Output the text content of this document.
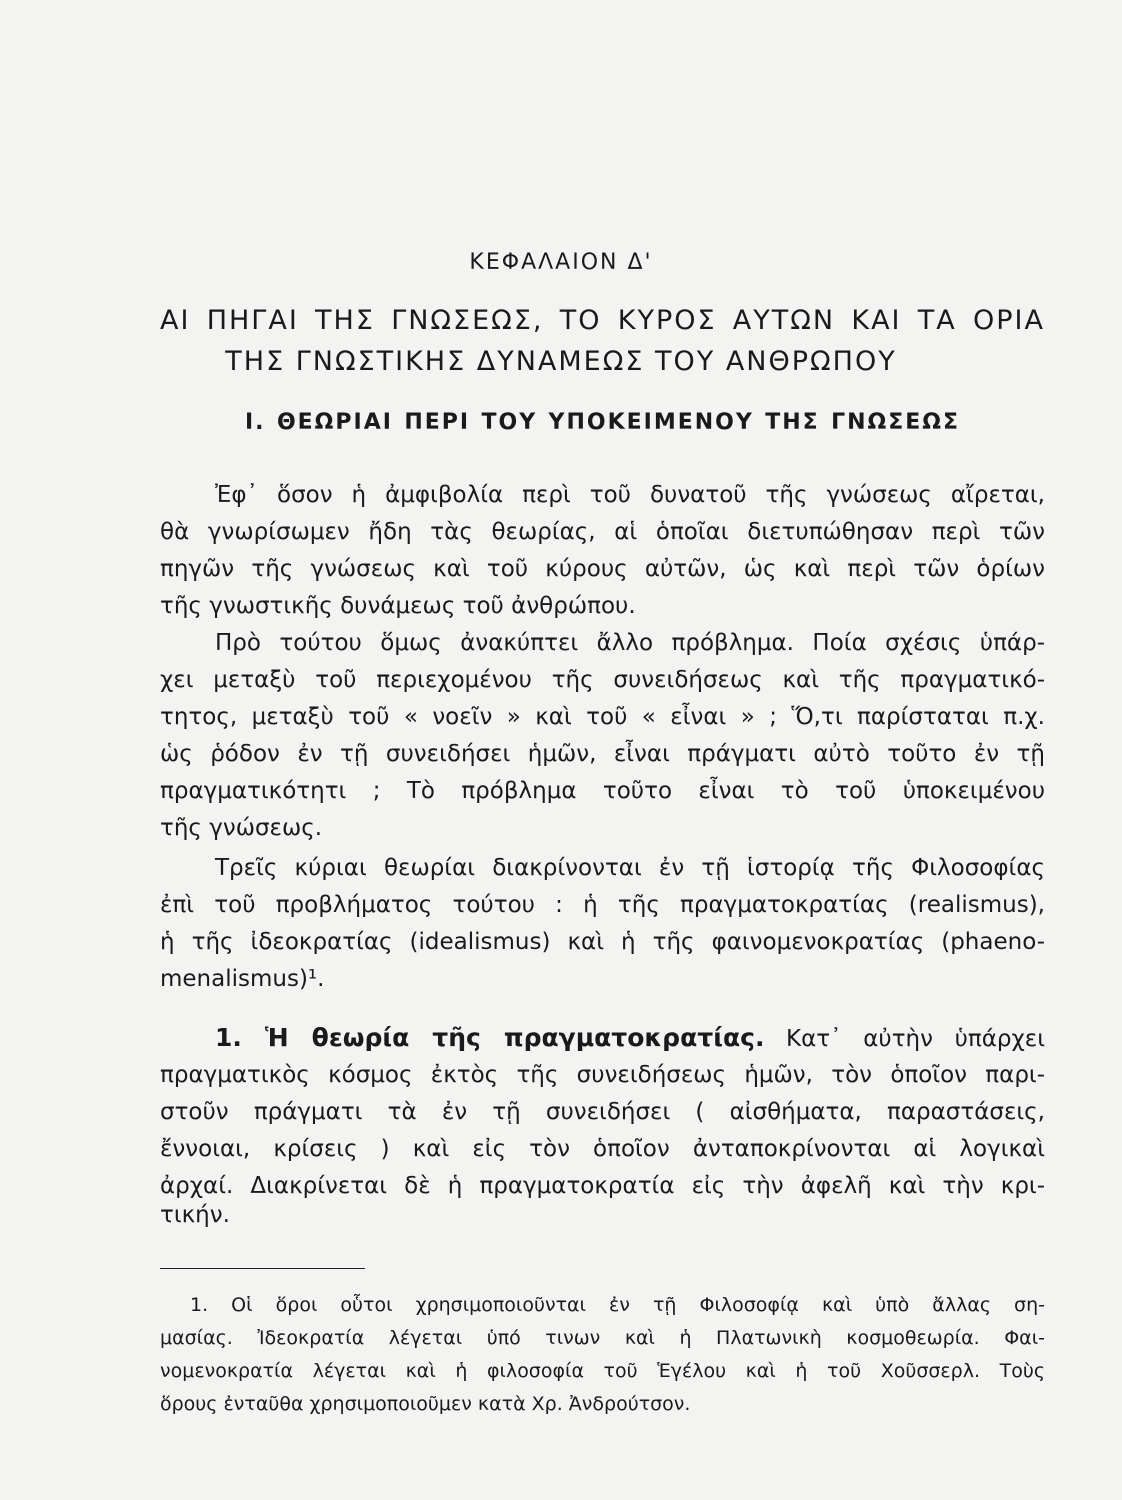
ΚΕΦΑΛΑΙΟΝ Δ'
ΑΙ ΠΗΓΑΙ ΤΗΣ ΓΝΩΣΕΩΣ, ΤΟ ΚΥΡΟΣ ΑΥΤΩΝ ΚΑΙ ΤΑ ΟΡΙΑ
ΤΗΣ ΓΝΩΣΤΙΚΗΣ ΔΥΝΑΜΕΩΣ ΤΟΥ ΑΝΘΡΩΠΟΥ
Ι. ΘΕΩΡΙΑΙ ΠΕΡΙ ΤΟΥ ΥΠΟΚΕΙΜΕΝΟΥ ΤΗΣ ΓΝΩΣΕΩΣ
Ἐφ᾽ ὅσον ἡ ἀμφιβολία περὶ τοῦ δυνατοῦ τῆς γνώσεως αἴρεται,
θὰ γνωρίσωμεν ἤδη τὰς θεωρίας, αἱ ὁποῖαι διετυπώθησαν περὶ τῶν
πηγῶν τῆς γνώσεως καὶ τοῦ κύρους αὐτῶν, ὡς καὶ περὶ τῶν ὁρίων
τῆς γνωστικῆς δυνάμεως τοῦ ἀνθρώπου.
Πρὸ τούτου ὅμως ἀνακύπτει ἄλλο πρόβλημα. Ποία σχέσις ὑπάρ-
χει μεταξὺ τοῦ περιεχομένου τῆς συνειδήσεως καὶ τῆς πραγματικό-
τητος, μεταξὺ τοῦ « νοεῖν » καὶ τοῦ « εἶναι » ; Ὅ,τι παρίσταται π.χ.
ὡς ῥόδον ἐν τῇ συνειδήσει ἡμῶν, εἶναι πράγματι αὐτὸ τοῦτο ἐν τῇ
πραγματικότητι ; Τὸ πρόβλημα τοῦτο εἶναι τὸ τοῦ ὑποκειμένου
τῆς γνώσεως.
Τρεῖς κύριαι θεωρίαι διακρίνονται ἐν τῇ ἱστορίᾳ τῆς Φιλοσοφίας
ἐπὶ τοῦ προβλήματος τούτου : ἡ τῆς πραγματοκρατίας (realismus),
ἡ τῆς ἰδεοκρατίας (idealismus) καὶ ἡ τῆς φαινομενοκρατίας (phaeno-
menalismus)¹.
1. Ἡ θεωρία τῆς πραγματοκρατίας. Κατ᾽ αὐτὴν ὑπάρχει
πραγματικὸς κόσμος ἐκτὸς τῆς συνειδήσεως ἡμῶν, τὸν ὁποῖον παρι-
στοῦν πράγματι τὰ ἐν τῇ συνειδήσει ( αἰσθήματα, παραστάσεις,
ἔννοιαι, κρίσεις ) καὶ εἰς τὸν ὁποῖον ἀνταποκρίνονται αἱ λογικαὶ
ἀρχαί. Διακρίνεται δὲ ἡ πραγματοκρατία εἰς τὴν ἀφελῆ καὶ τὴν κρι-
τικήν.
1. Οἱ ὅροι οὗτοι χρησιμοποιοῦνται ἐν τῇ Φιλοσοφίᾳ καὶ ὑπὸ ἄλλας ση-
μασίας. Ἰδεοκρατία λέγεται ὑπό τινων καὶ ἡ Πλατωνικὴ κοσμοθεωρία. Φαι-
νομενοκρατία λέγεται καὶ ἡ φιλοσοφία τοῦ Ἑγέλου καὶ ἡ τοῦ Χοῦσσερλ. Τοὺς
ὅρους ἐνταῦθα χρησιμοποιοῦμεν κατὰ Χρ. Ἀνδρούτσον.
